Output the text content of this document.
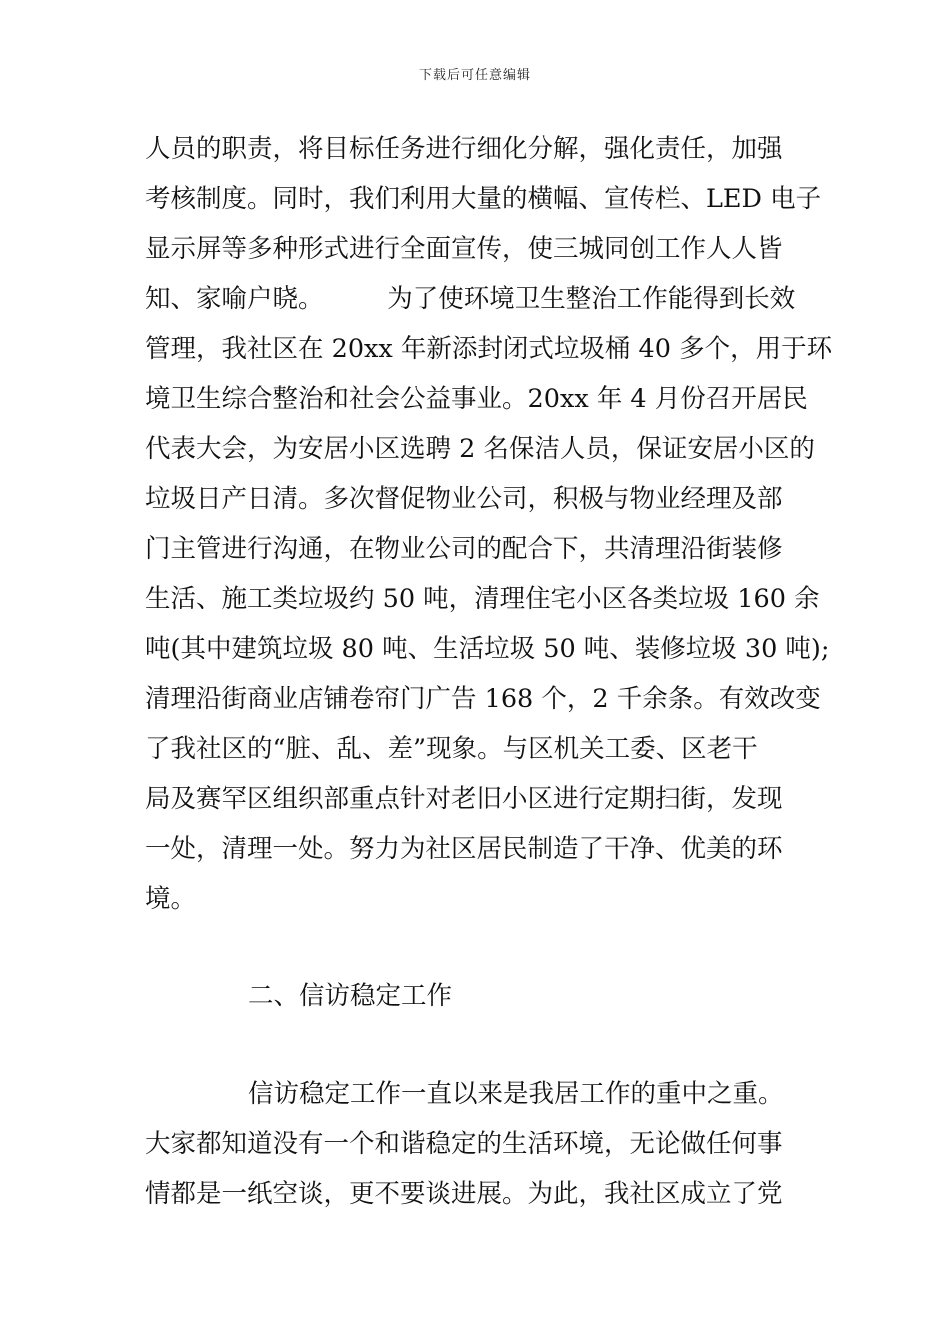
下载后可任意编辑
人员的职责，将目标任务进行细化分解，强化责任，加强
考核制度。同时，我们利用大量的横幅、宣传栏、LED 电子
显示屏等多种形式进行全面宣传，使三城同创工作人人皆
知、家喻户晓。　　　为了使环境卫生整治工作能得到长效
管理，我社区在 20xx 年新添封闭式垃圾桶 40 多个，用于环
境卫生综合整治和社会公益事业。20xx 年 4 月份召开居民
代表大会，为安居小区选聘 2 名保洁人员，保证安居小区的
垃圾日产日清。多次督促物业公司，积极与物业经理及部
门主管进行沟通，在物业公司的配合下，共清理沿街装修
生活、施工类垃圾约 50 吨，清理住宅小区各类垃圾 160 余
吨(其中建筑垃圾 80 吨、生活垃圾 50 吨、装修垃圾 30 吨);
清理沿街商业店铺卷帘门广告 168 个，2 千余条。有效改变
了我社区的“脏、乱、差”现象。与区机关工委、区老干
局及赛罕区组织部重点针对老旧小区进行定期扫街，发现
一处，清理一处。努力为社区居民制造了干净、优美的环
境。
二、信访稳定工作
信访稳定工作一直以来是我居工作的重中之重。
大家都知道没有一个和谐稳定的生活环境，无论做任何事
情都是一纸空谈，更不要谈进展。为此，我社区成立了党
